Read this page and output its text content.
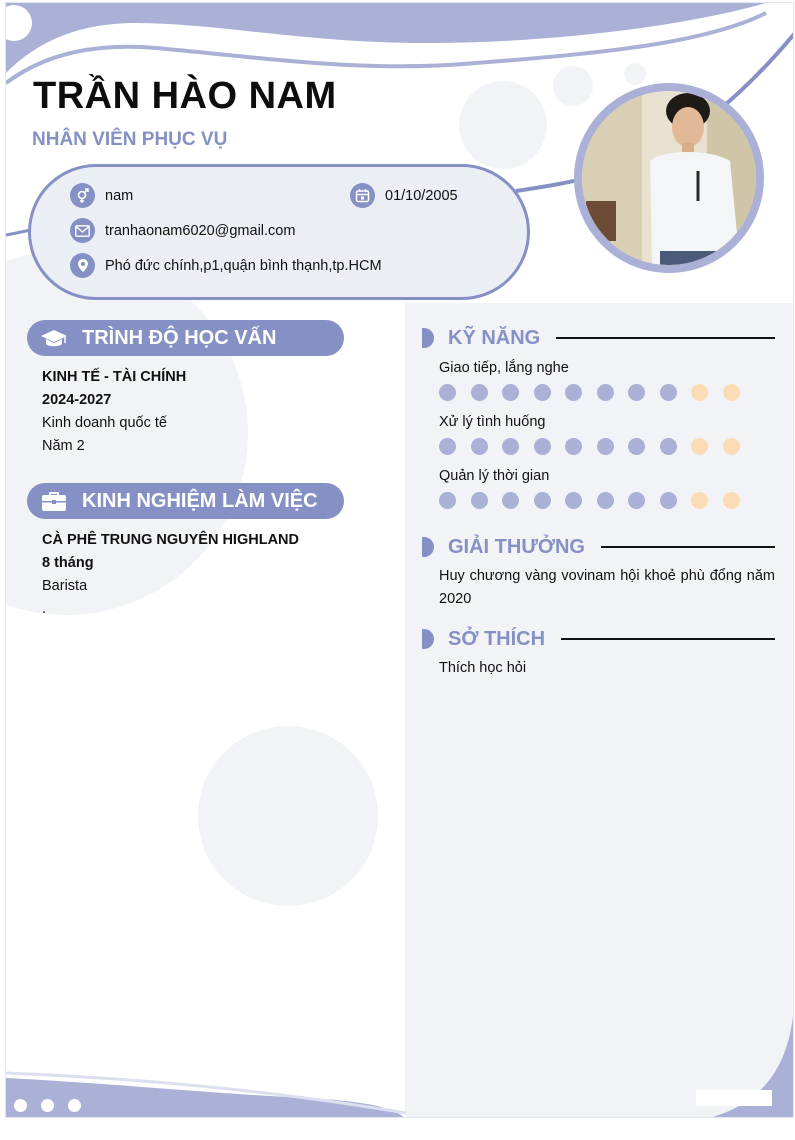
TRẦN HÀO NAM
NHÂN VIÊN PHỤC VỤ
nam	01/10/2005
tranhaonam6020@gmail.com
Phó đức chính,p1,quận bình thạnh,tp.HCM
TRÌNH ĐỘ HỌC VẤN
KINH TẾ - TÀI CHÍNH
2024-2027
Kinh doanh quốc tế
Năm 2
KINH NGHIỆM LÀM VIỆC
CÀ PHÊ TRUNG NGUYÊN HIGHLAND
8 tháng
Barista
.
KỸ NĂNG
Giao tiếp, lắng nghe
Xử lý tình huống
Quản lý thời gian
GIẢI THƯỞNG
Huy chương vàng vovinam hội khoẻ phù đổng năm 2020
SỞ THÍCH
Thích học hỏi
